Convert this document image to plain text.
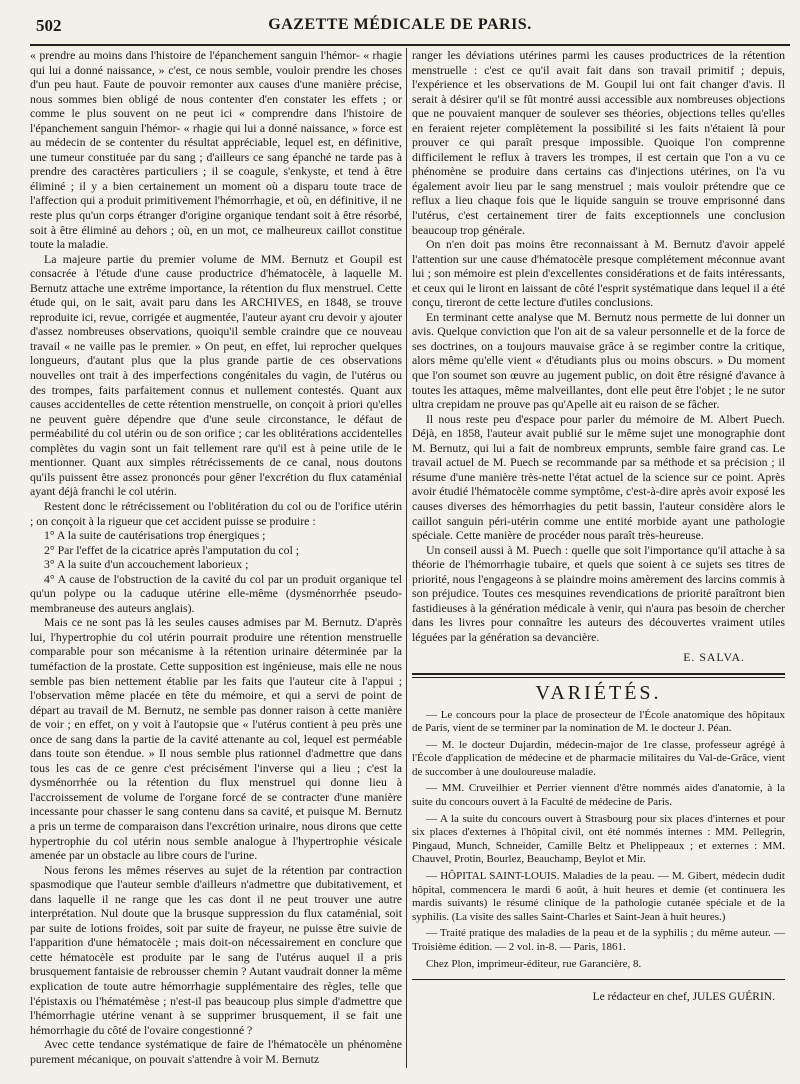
502	GAZETTE MÉDICALE DE PARIS.

« prendre au moins dans l'histoire de l'épanchement sanguin l'hémor- « rhagie qui lui a donné naissance, » c'est, ce nous semble, vouloir prendre les choses d'un peu haut. Faute de pouvoir remonter aux causes d'une manière précise, nous sommes bien obligé de nous contenter d'en constater les effets ; or comme le plus souvent on ne peut ici « comprendre dans l'histoire de l'épanchement sanguin l'hémor- « rhagie qui lui a donné naissance, » force est au médecin de se contenter du résultat appréciable, lequel est, en définitive, une tumeur constituée par du sang ; d'ailleurs ce sang épanché ne tarde pas à prendre des caractères particuliers ; il se coagule, s'enkyste, et tend à être éliminé ; il y a bien certainement un moment où a disparu toute trace de l'affection qui a produit primitivement l'hémorrhagie, et où, en définitive, il ne reste plus qu'un corps étranger d'origine organique tendant soit à être résorbé, soit à être éliminé au dehors ; où, en un mot, ce malheureux caillot constitue toute la maladie.

La majeure partie du premier volume de MM. Bernutz et Goupil est consacrée à l'étude d'une cause productrice d'hématocèle, à laquelle M. Bernutz attache une extrême importance, la rétention du flux menstruel. Cette étude qui, on le sait, avait paru dans les ARCHIVES, en 1848, se trouve reproduite ici, revue, corrigée et augmentée, l'auteur ayant cru devoir y ajouter d'assez nombreuses observations, quoiqu'il semble craindre que ce nouveau travail « ne vaille pas le premier. » On peut, en effet, lui reprocher quelques longueurs, d'autant plus que la plus grande partie de ces observations nouvelles ont trait à des imperfections congénitales du vagin, de l'utérus ou des trompes, faits parfaitement connus et nullement contestés. Quant aux causes accidentelles de cette rétention menstruelle, on conçoit à priori qu'elles ne peuvent guère dépendre que d'une seule circonstance, le défaut de perméabilité du col utérin ou de son orifice ; car les oblitérations accidentelles complètes du vagin sont un fait tellement rare qu'il est à peine utile de le mentionner. Quant aux simples rétrécissements de ce canal, nous doutons qu'ils puissent être assez prononcés pour gêner l'excrétion du flux cataménial ayant déjà franchi le col utérin.

Restent donc le rétrécissement ou l'oblitération du col ou de l'orifice utérin ; on conçoit à la rigueur que cet accident puisse se produire :

1° A la suite de cautérisations trop énergiques ;

2° Par l'effet de la cicatrice après l'amputation du col ;

3° A la suite d'un accouchement laborieux ;

4° A cause de l'obstruction de la cavité du col par un produit organique tel qu'un polype ou la caduque utérine elle-même (dysménorrhée pseudo-membraneuse des auteurs anglais).

Mais ce ne sont pas là les seules causes admises par M. Bernutz. D'après lui, l'hypertrophie du col utérin pourrait produire une rétention menstruelle comparable pour son mécanisme à la rétention urinaire déterminée par la tuméfaction de la prostate. Cette supposition est ingénieuse, mais elle ne nous semble pas bien nettement établie par les faits que l'auteur cite à l'appui ; l'observation même placée en tête du mémoire, et qui a servi de point de départ au travail de M. Bernutz, ne semble pas donner raison à cette manière de voir ; en effet, on y voit à l'autopsie que « l'utérus contient à peu près une once de sang dans la partie de la cavité attenante au col, lequel est perméable dans toute son étendue. » Il nous semble plus rationnel d'admettre que dans tous les cas de ce genre c'est précisément l'inverse qui a lieu ; c'est la dysménorrhée ou la rétention du flux menstruel qui donne lieu à l'accroissement de volume de l'organe forcé de se contracter d'une manière incessante pour chasser le sang contenu dans sa cavité, et puisque M. Bernutz a pris un terme de comparaison dans l'excrétion urinaire, nous dirons que cette hypertrophie du col utérin nous semble analogue à l'hypertrophie vésicale amenée par un obstacle au libre cours de l'urine.

Nous ferons les mêmes réserves au sujet de la rétention par contraction spasmodique que l'auteur semble d'ailleurs n'admettre que dubitativement, et dans laquelle il ne range que les cas dont il ne peut trouver une autre interprétation. Nul doute que la brusque suppression du flux cataménial, soit par suite de lotions froides, soit par suite de frayeur, ne puisse être suivie de l'apparition d'une hématocèle ; mais doit-on nécessairement en conclure que cette hématocèle est produite par le sang de l'utérus auquel il a pris brusquement fantaisie de rebrousser chemin ? Autant vaudrait donner la même explication de toute autre hémorrhagie supplémentaire des règles, telle que l'épistaxis ou l'hématémèse ; n'est-il pas beaucoup plus simple d'admettre que l'hémorrhagie utérine venant à se supprimer brusquement, il se fait une hémorrhagie du côté de l'ovaire congestionné ?

Avec cette tendance systématique de faire de l'hématocèle un phénomène purement mécanique, on pouvait s'attendre à voir M. Bernutz

ranger les déviations utérines parmi les causes productrices de la rétention menstruelle : c'est ce qu'il avait fait dans son travail primitif ; depuis, l'expérience et les observations de M. Goupil lui ont fait changer d'avis. Il serait à désirer qu'il se fût montré aussi accessible aux nombreuses objections que ne pouvaient manquer de soulever ses théories, objections telles qu'elles en feraient rejeter complètement la possibilité si les faits n'étaient là pour prouver ce qui paraît presque impossible. Quoique l'on comprenne difficilement le reflux à travers les trompes, il est certain que l'on a vu ce phénomène se produire dans certains cas d'injections utérines, on l'a vu également avoir lieu par le sang menstruel ; mais vouloir prétendre que ce reflux a lieu chaque fois que le liquide sanguin se trouve emprisonné dans l'utérus, c'est certainement tirer de faits exceptionnels une conclusion beaucoup trop générale.

On n'en doit pas moins être reconnaissant à M. Bernutz d'avoir appelé l'attention sur une cause d'hématocèle presque complétement méconnue avant lui ; son mémoire est plein d'excellentes considérations et de faits intéressants, et ceux qui le liront en laissant de côté l'esprit systématique dans lequel il a été conçu, tireront de cette lecture d'utiles conclusions.

En terminant cette analyse que M. Bernutz nous permette de lui donner un avis. Quelque conviction que l'on ait de sa valeur personnelle et de la force de ses doctrines, on a toujours mauvaise grâce à se regimber contre la critique, alors même qu'elle vient « d'étudiants plus ou moins obscurs. » Du moment que l'on soumet son œuvre au jugement public, on doit être résigné d'avance à toutes les attaques, même malveillantes, dont elle peut être l'objet ; le ne sutor ultra crepidam ne prouve pas qu'Apelle ait eu raison de se fâcher.

Il nous reste peu d'espace pour parler du mémoire de M. Albert Puech. Déjà, en 1858, l'auteur avait publié sur le même sujet une monographie dont M. Bernutz, qui lui a fait de nombreux emprunts, semble faire grand cas. Le travail actuel de M. Puech se recommande par sa méthode et sa précision ; il résume d'une manière très-nette l'état actuel de la science sur ce point. Après avoir étudié l'hématocèle comme symptôme, c'est-à-dire après avoir exposé les causes diverses des hémorrhagies du petit bassin, l'auteur considère alors le caillot sanguin péri-utérin comme une entité morbide ayant une pathologie spéciale. Cette manière de procéder nous paraît très-heureuse.

Un conseil aussi à M. Puech : quelle que soit l'importance qu'il attache à sa théorie de l'hémorrhagie tubaire, et quels que soient à ce sujets ses titres de priorité, nous l'engageons à se plaindre moins amèrement des larcins commis à son préjudice. Toutes ces mesquines revendications de priorité paraîtront bien fastidieuses à la génération médicale à venir, qui n'aura pas besoin de chercher dans les livres pour connaître les auteurs des découvertes vraiment utiles léguées par la génération sa devancière.

E. SALVA.
VARIÉTÉS.

— Le concours pour la place de prosecteur de l'École anatomique des hôpitaux de Paris, vient de se terminer par la nomination de M. le docteur J. Péan.

— M. le docteur Dujardin, médecin-major de 1re classe, professeur agrégé à l'École d'application de médecine et de pharmacie militaires du Val-de-Grâce, vient de succomber à une douloureuse maladie.

— MM. Cruveilhier et Perrier viennent d'être nommés aides d'anatomie, à la suite du concours ouvert à la Faculté de médecine de Paris.

— A la suite du concours ouvert à Strasbourg pour six places d'internes et pour six places d'externes à l'hôpital civil, ont été nommés internes : MM. Pellegrin, Pingaud, Munch, Schneider, Camille Beltz et Phelippeaux ; et externes : MM. Chauvel, Protin, Bourlez, Beauchamp, Beylot et Mir.

— HÔPITAL SAINT-LOUIS. Maladies de la peau. — M. Gibert, médecin dudit hôpital, commencera le mardi 6 août, à huit heures et demie (et continuera les mardis suivants) le résumé clinique de la pathologie cutanée spéciale et de la syphilis. (La visite des salles Saint-Charles et Saint-Jean à huit heures.)

— Traité pratique des maladies de la peau et de la syphilis ; du même auteur. — Troisième édition. — 2 vol. in-8. — Paris, 1861.

Chez Plon, imprimeur-éditeur, rue Garancière, 8.

Le rédacteur en chef, JULES GUÉRIN.
